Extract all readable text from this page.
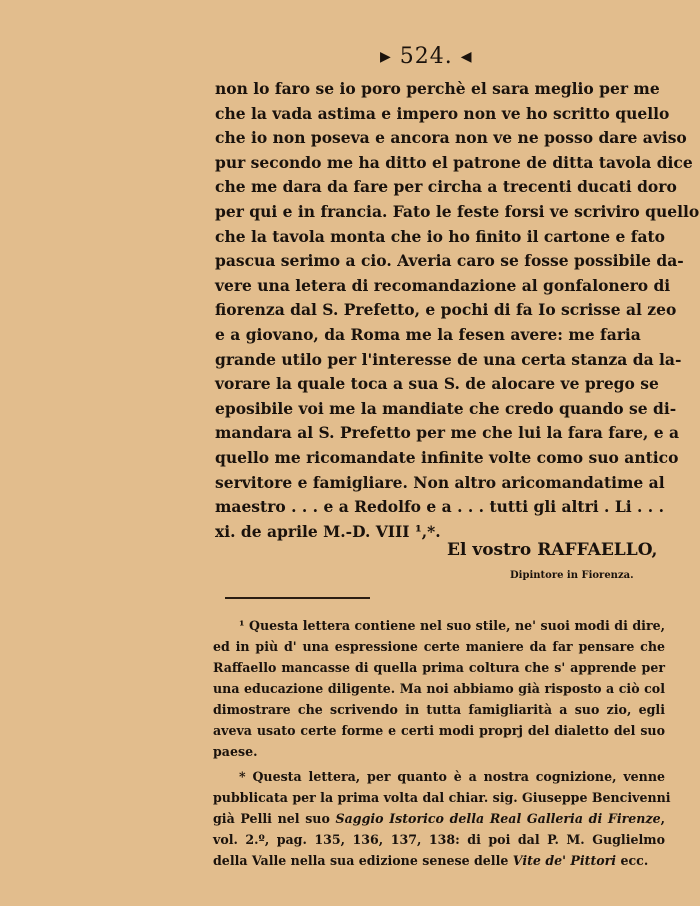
▶ 524. ◀
non lo faro se io poro perchè el sara meglio per me
che la vada astima e impero non ve ho scritto quello
che io non poseva e ancora non ve ne posso dare aviso
pur secondo me ha ditto el patrone de ditta tavola dice
che me dara da fare per circha a trecenti ducati doro
per qui e in francia. Fato le feste forsi ve scriviro quello
che la tavola monta che io ho finito il cartone e fato
pascua serimo a cio. Averia caro se fosse possibile da-
vere una letera di recomandazione al gonfalonero di
fiorenza dal S. Prefetto, e pochi di fa Io scrisse al zeo
e a giovano, da Roma me la fesen avere: me faria
grande utilo per l'interesse de una certa stanza da la-
vorare la quale toca a sua S. de alocare ve prego se
eposibile voi me la mandiate che credo quando se di-
mandara al S. Prefetto per me che lui la fara fare, e a
quello me ricomandate infinite volte como suo antico
servitore e famigliare. Non altro aricomandatime al
maestro . . . e a Redolfo e a . . . tutti gli altri . Li . . .
xi. de aprile M.-D. VIII ¹,*.
El vostro RAFFAELLO,
Dipintore in Fiorenza.
¹ Questa lettera contiene nel suo stile, ne' suoi modi di dire,
ed in più d' una espressione certe maniere da far pensare che
Raffaello mancasse di quella prima coltura che s' apprende per
una educazione diligente. Ma noi abbiamo già risposto a ciò col
dimostrare che scrivendo in tutta famigliarità a suo zio, egli
aveva usato certe forme e certi modi proprj del dialetto del suo
paese.
* Questa lettera, per quanto è a nostra cognizione, venne
pubblicata per la prima volta dal chiar. sig. Giuseppe Bencivenni
già Pelli nel suo Saggio Istorico della Real Galleria di Firenze,
vol. 2.º, pag. 135, 136, 137, 138: di poi dal P. M. Guglielmo
della Valle nella sua edizione senese delle Vite de' Pittori ecc.
